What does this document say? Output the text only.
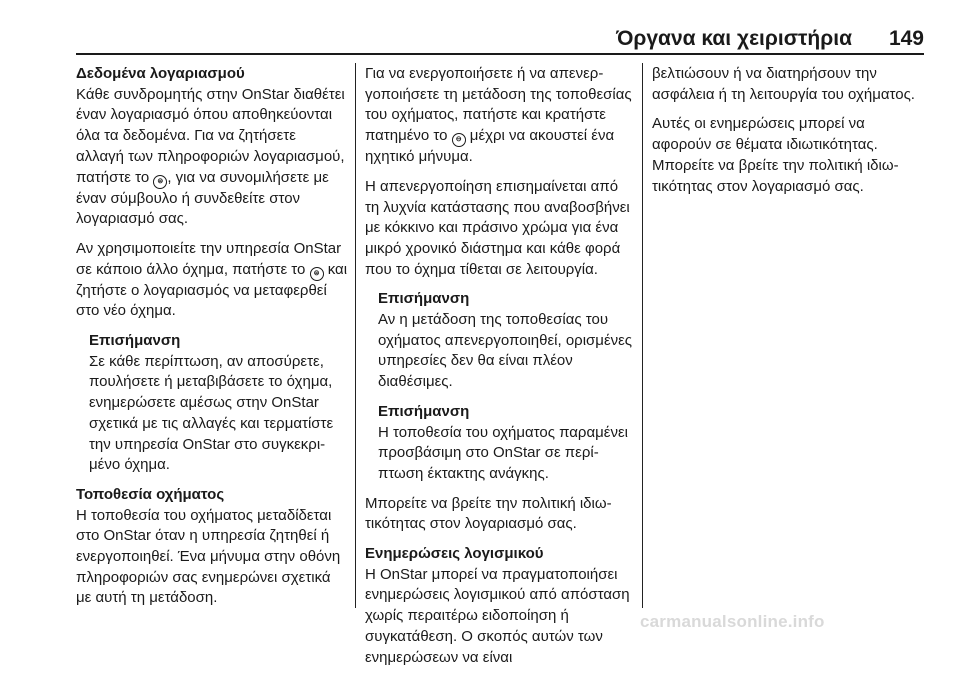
Όργανα και χειριστήρια 149
Δεδομένα λογαριασμού

Κάθε συνδρομητής στην OnStar διαθέτει έναν λογαριασμό όπου αποθηκεύονται όλα τα δεδομένα. Για να ζητήσετε αλλαγή των πληροφοριών λογαριασμού, πατήστε το ⊜ , για να συνομιλήσετε με έναν σύμβουλο ή συνδεθείτε στον λογαριασμό σας.

Αν χρησιμοποιείτε την υπηρεσία OnStar σε κάποιο άλλο όχημα, πατήστε το ⊜ και ζητήστε ο λογαριασμός να μεταφερθεί στο νέο όχημα.

Επισήμανση
Σε κάθε περίπτωση, αν αποσύρετε, πουλήσετε ή μεταβιβάσετε το όχημα, ενημερώσετε αμέσως στην OnStar σχετικά με τις αλλαγές και τερματίστε την υπηρεσία OnStar στο συγκεκριμένο όχημα.
Τοποθεσία οχήματος

Η τοποθεσία του οχήματος μεταδίδεται στο OnStar όταν η υπηρεσία ζητηθεί ή ενεργοποιηθεί. Ένα μήνυμα στην οθόνη πληροφοριών σας ενημερώνει σχετικά με αυτή τη μετάδοση.

Για να ενεργοποιήσετε ή να απενεργοποιήσετε τη μετάδοση της τοποθεσίας του οχήματος, πατήστε και κρατήστε πατημένο το ⊖ μέχρι να ακουστεί ένα ηχητικό μήνυμα.

Η απενεργοποίηση επισημαίνεται από τη λυχνία κατάστασης που αναβοσβήνει με κόκκινο και πράσινο χρώμα για ένα μικρό χρονικό διάστημα και κάθε φορά που το όχημα τίθεται σε λειτουργία.

Επισήμανση
Αν η μετάδοση της τοποθεσίας του οχήματος απενεργοποιηθεί, ορισμένες υπηρεσίες δεν θα είναι πλέον διαθέσιμες.
Επισήμανση
Η τοποθεσία του οχήματος παραμένει προσβάσιμη στο OnStar σε περίπτωση έκτακτης ανάγκης.

Μπορείτε να βρείτε την πολιτική ιδιωτικότητας στον λογαριασμό σας.

Ενημερώσεις λογισμικού

Η OnStar μπορεί να πραγματοποιήσει ενημερώσεις λογισμικού από απόσταση χωρίς περαιτέρω ειδοποίηση ή συγκατάθεση. Ο σκοπός αυτών των ενημερώσεων να είναι

βελτιώσουν ή να διατηρήσουν την ασφάλεια ή τη λειτουργία του οχήματος.

Αυτές οι ενημερώσεις μπορεί να αφορούν σε θέματα ιδιωτικότητας. Μπορείτε να βρείτε την πολιτική ιδιωτικότητας στον λογαριασμό σας.

carmanualsonline.info
